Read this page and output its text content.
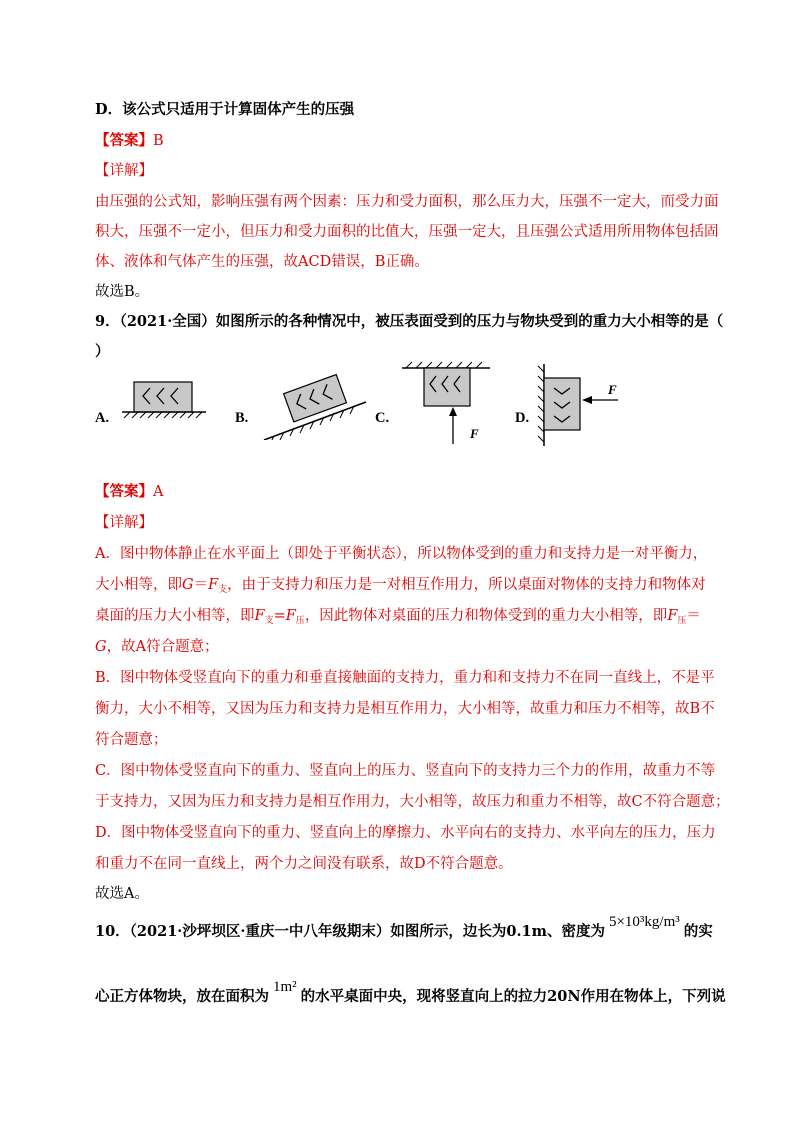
D．该公式只适用于计算固体产生的压强
【答案】B
【详解】
由压强的公式知，影响压强有两个因素：压力和受力面积，那么压力大，压强不一定大，而受力面
积大，压强不一定小，但压力和受力面积的比值大，压强一定大，且压强公式适用所用物体包括固
体、液体和气体产生的压强，故ACD错误，B正确。
故选B。
9．（2021·全国）如图所示的各种情况中，被压表面受到的压力与物块受到的重力大小相等的是（
）
A.	B.	C.
F
D.
F
【答案】A
【详解】
A．图中物体静止在水平面上（即处于平衡状态），所以物体受到的重力和支持力是一对平衡力，
大小相等，即$G=F_支$，由于支持力和压力是一对相互作用力，所以桌面对物体的支持力和物体对
桌面的压力大小相等，即$F_支=F_压$，因此物体对桌面的压力和物体受到的重力大小相等，即$F_压=$
G，故A符合题意；
B．图中物体受竖直向下的重力和垂直接触面的支持力，重力和和支持力不在同一直线上，不是平
衡力，大小不相等，又因为压力和支持力是相互作用力，大小相等，故重力和压力不相等，故B不
符合题意；
C．图中物体受竖直向下的重力、竖直向上的压力、竖直向下的支持力三个力的作用，故重力不等
于支持力，又因为压力和支持力是相互作用力，大小相等，故压力和重力不相等，故C不符合题意；
D．图中物体受竖直向下的重力、竖直向上的摩擦力、水平向右的支持力、水平向左的压力，压力
和重力不在同一直线上，两个力之间没有联系，故D不符合题意。
故选A。
10．（2021·沙坪坝区·重庆一中八年级期末）如图所示，边长为0.1m、密度为5×10³kg/m³的实
心正方体物块，放在面积为1m²的水平桌面中央，现将竖直向上的拉力20N作用在物体上，下列说
